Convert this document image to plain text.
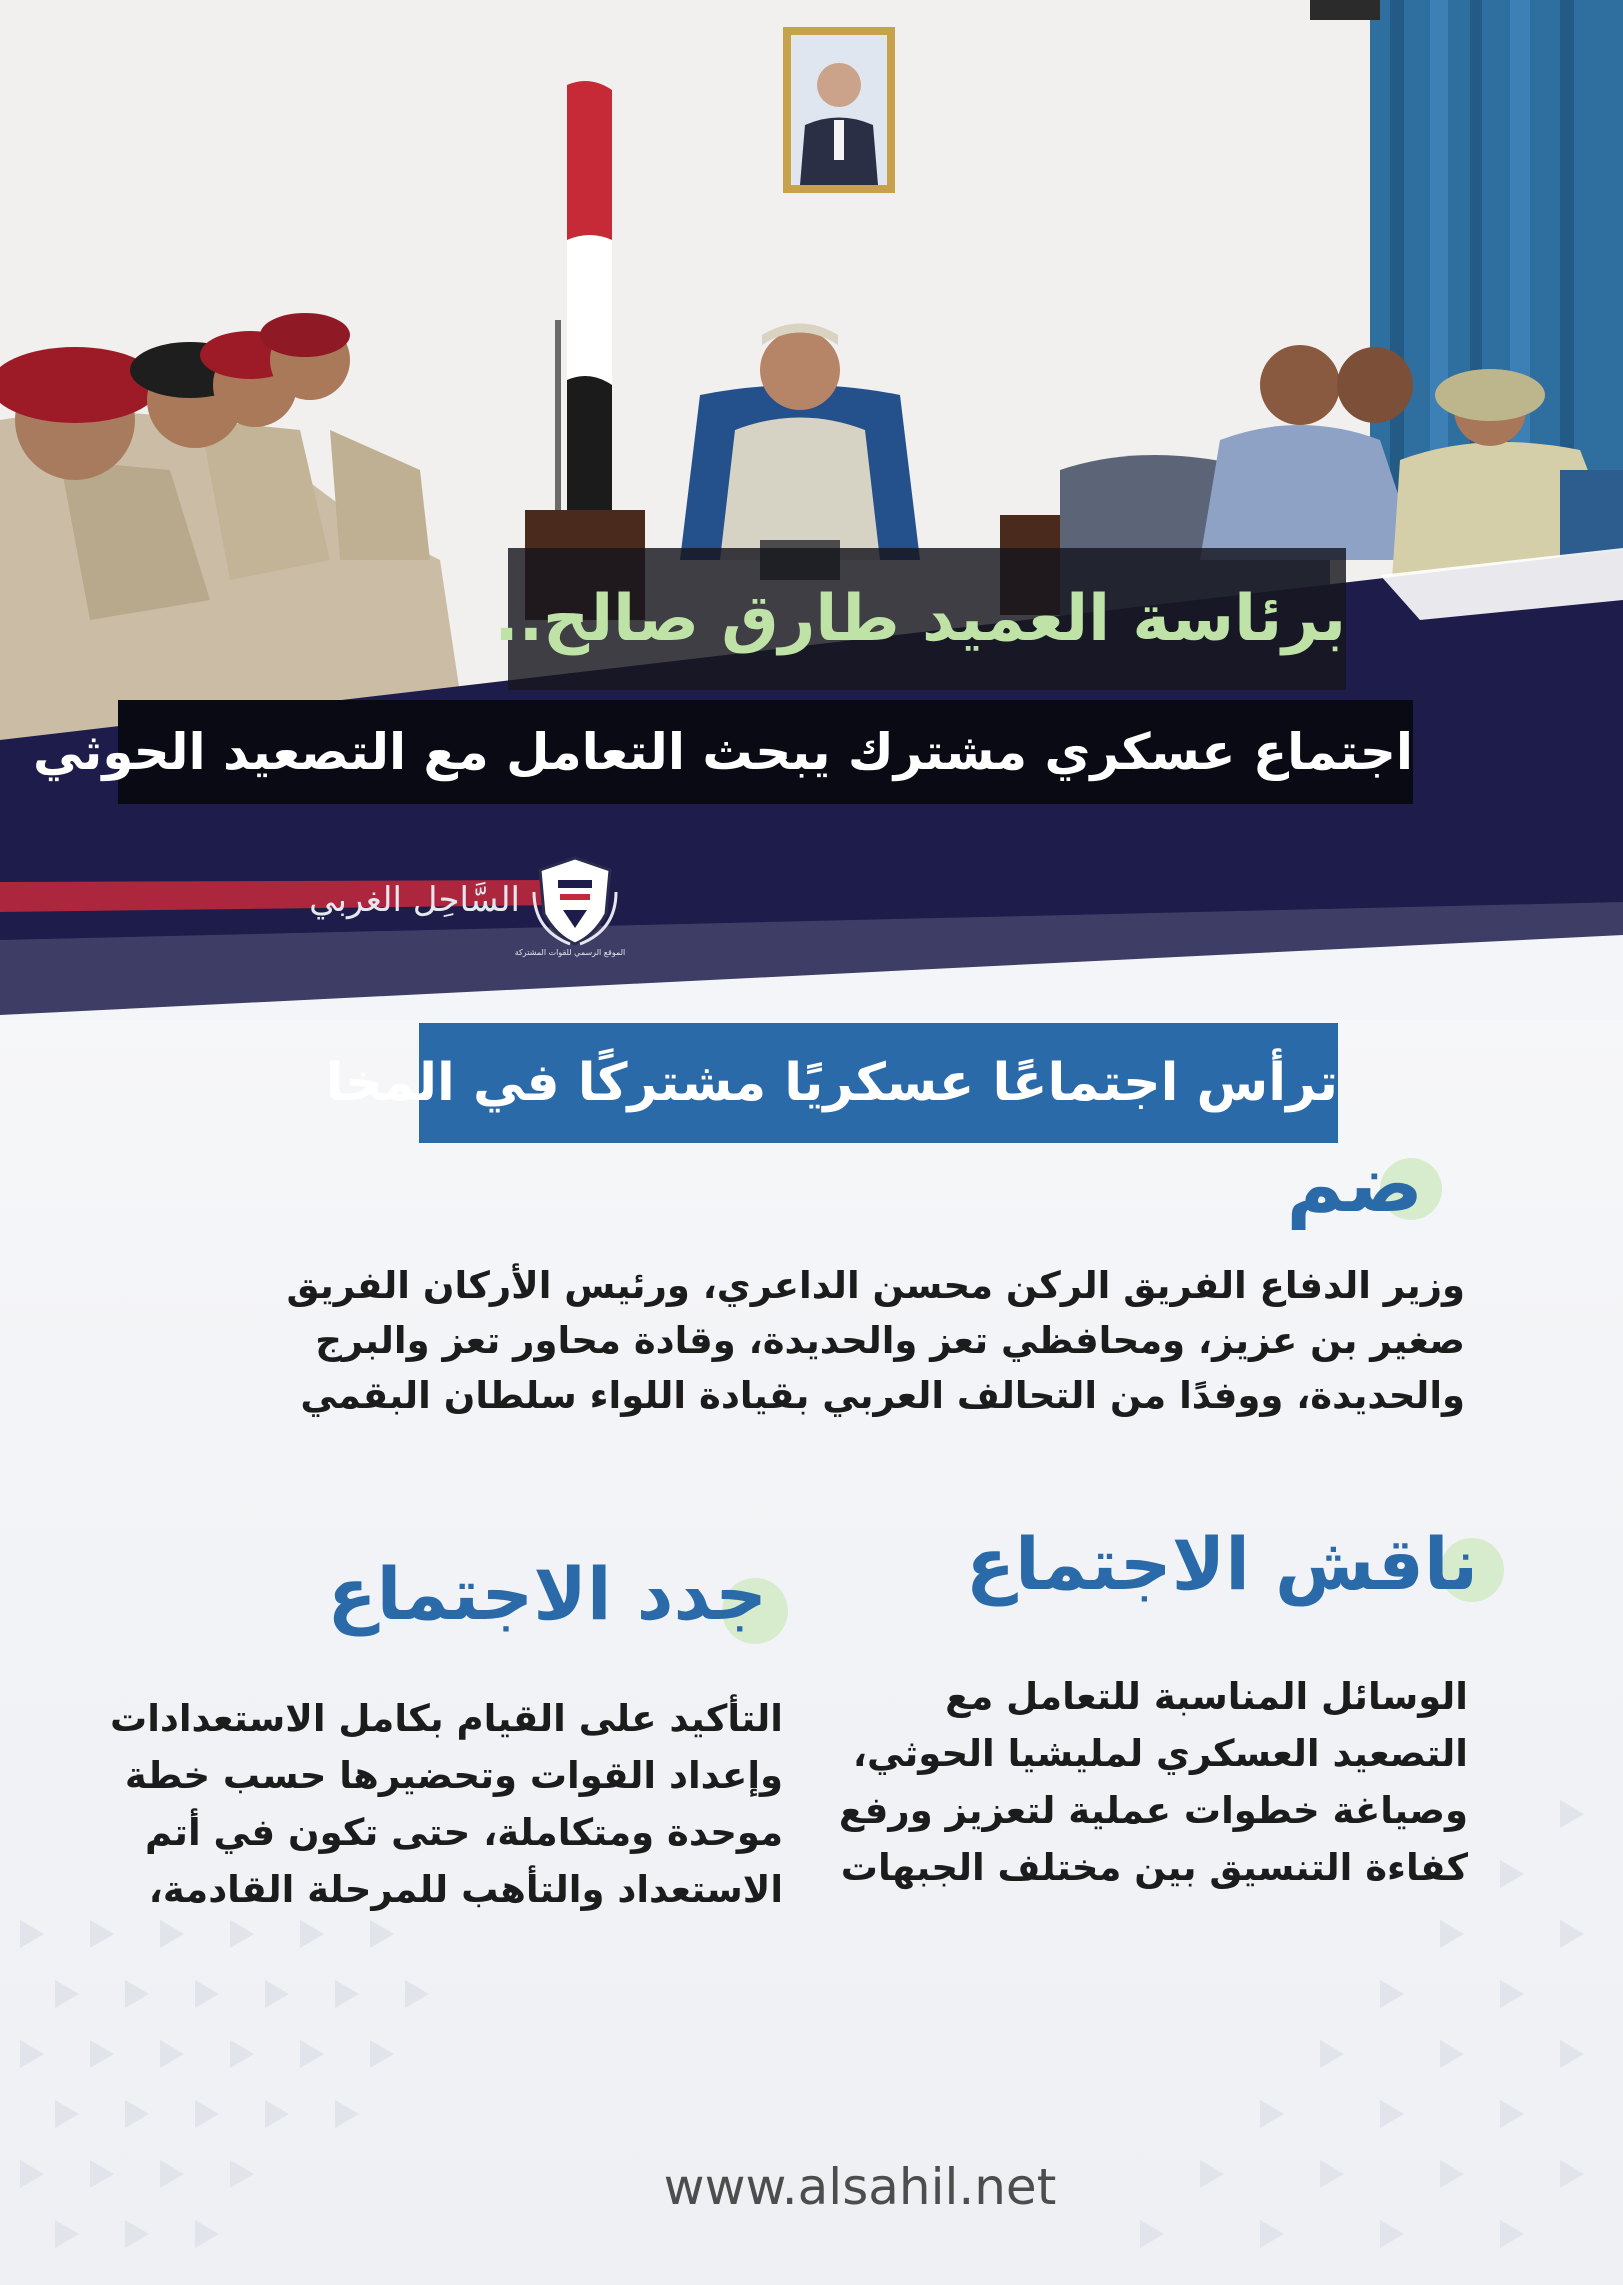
برئاسة العميد طارق صالح..
اجتماع عسكري مشترك يبحث التعامل مع التصعيد الحوثي
السَّاحِل الغربي
الموقع الرسمي للقوات المشتركة
ترأس اجتماعًا عسكريًا مشتركًا في المخا
ضم
وزير الدفاع الفريق الركن محسن الداعري، ورئيس الأركان الفريق
صغير بن عزيز، ومحافظي تعز والحديدة، وقادة محاور تعز والبرج
والحديدة، ووفدًا من التحالف العربي بقيادة اللواء سلطان البقمي
ناقش الاجتماع
الوسائل المناسبة للتعامل مع
التصعيد العسكري لمليشيا الحوثي،
وصياغة خطوات عملية لتعزيز ورفع
كفاءة التنسيق بين مختلف الجبهات
جدد الاجتماع
التأكيد على القيام بكامل الاستعدادات
وإعداد القوات وتحضيرها حسب خطة
موحدة ومتكاملة، حتى تكون في أتم
الاستعداد والتأهب للمرحلة القادمة،
www.alsahil.net
